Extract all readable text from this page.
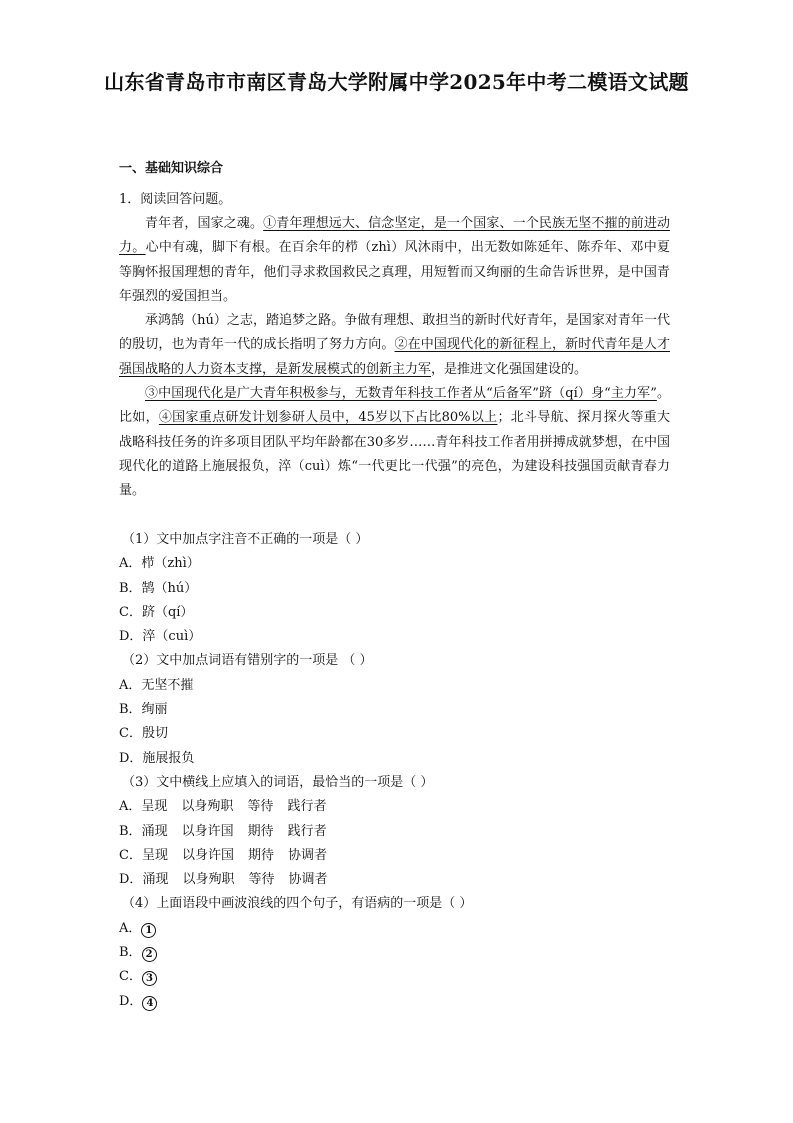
山东省青岛市市南区青岛大学附属中学2025年中考二模语文试题
一、基础知识综合
1．阅读回答问题。

青年者，国家之魂。①青年理想远大、信念坚定，是一个国家、一个民族无坚不摧的前进动力。心中有魂，脚下有根。在百余年的栉（zhì）风沐雨中，出无数如陈延年、陈乔年、邓中夏等胸怀报国理想的青年，他们寻求救国救民之真理，用短暂而又绚丽的生命告诉世界，是中国青年强烈的爱国担当。

承鸿鹄（hú）之志，踏追梦之路。争做有理想、敢担当的新时代好青年，是国家对青年一代的殷切，也为青年一代的成长指明了努力方向。②在中国现代化的新征程上，新时代青年是人才强国战略的人力资本支撑，是新发展模式的创新主力军，是推进文化强国建设的。

③中国现代化是广大青年积极参与，无数青年科技工作者从“后备军”跻（qí）身“主力军”。比如，④国家重点研发计划参研人员中，45岁以下占比80%以上；北斗导航、探月探火等重大战略科技任务的许多项目团队平均年龄都在30多岁……青年科技工作者用拼搏成就梦想，在中国现代化的道路上施展报负，淬（cuì）炼“一代更比一代强”的亮色，为建设科技强国贡献青春力量。

（1）文中加点字注音不正确的一项是（ ）
A．栉（zhì）
B．鹄（hú）
C．跻（qí）
D．淬（cuì）
（2）文中加点词语有错别字的一项是 （ ）
A．无坚不摧
B．绚丽
C．殷切
D．施展报负
（3）文中横线上应填入的词语，最恰当的一项是（ ）
A．呈现 以身殉职 等待 践行者
B．涌现 以身许国 期待 践行者
C．呈现 以身许国 期待 协调者
D．涌现 以身殉职 等待 协调者
（4）上面语段中画波浪线的四个句子，有语病的一项是（ ）
A． 1
B． 2
C． 3
D． 4
